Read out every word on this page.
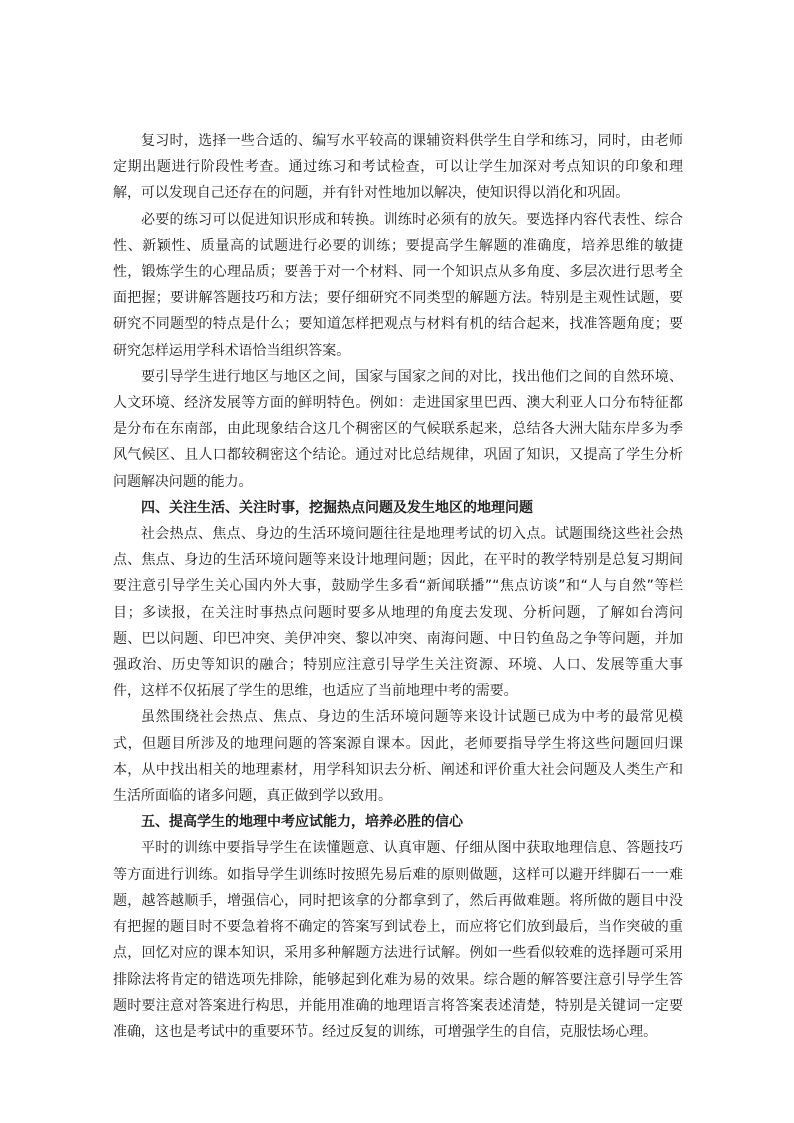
复习时，选择一些合适的、编写水平较高的课辅资料供学生自学和练习，同时，由老师定期出题进行阶段性考查。通过练习和考试检查，可以让学生加深对考点知识的印象和理解，可以发现自己还存在的问题，并有针对性地加以解决，使知识得以消化和巩固。

必要的练习可以促进知识形成和转换。训练时必须有的放矢。要选择内容代表性、综合性、新颖性、质量高的试题进行必要的训练；要提高学生解题的准确度，培养思维的敏捷性，锻炼学生的心理品质；要善于对一个材料、同一个知识点从多角度、多层次进行思考全面把握；要讲解答题技巧和方法；要仔细研究不同类型的解题方法。特别是主观性试题，要研究不同题型的特点是什么；要知道怎样把观点与材料有机的结合起来，找准答题角度；要研究怎样运用学科术语恰当组织答案。

要引导学生进行地区与地区之间，国家与国家之间的对比，找出他们之间的自然环境、人文环境、经济发展等方面的鲜明特色。例如：走进国家里巴西、澳大利亚人口分布特征都是分布在东南部，由此现象结合这几个稠密区的气候联系起来，总结各大洲大陆东岸多为季风气候区、且人口都较稠密这个结论。通过对比总结规律，巩固了知识，又提高了学生分析问题解决问题的能力。

四、关注生活、关注时事，挖掘热点问题及发生地区的地理问题

社会热点、焦点、身边的生活环境问题往往是地理考试的切入点。试题围绕这些社会热点、焦点、身边的生活环境问题等来设计地理问题；因此，在平时的教学特别是总复习期间要注意引导学生关心国内外大事，鼓励学生多看“新闻联播”“焦点访谈”和“人与自然”等栏目；多读报，在关注时事热点问题时要多从地理的角度去发现、分析问题，了解如台湾问题、巴以问题、印巴冲突、美伊冲突、黎以冲突、南海问题、中日钓鱼岛之争等问题，并加强政治、历史等知识的融合；特别应注意引导学生关注资源、环境、人口、发展等重大事件，这样不仅拓展了学生的思维，也适应了当前地理中考的需要。

虽然围绕社会热点、焦点、身边的生活环境问题等来设计试题已成为中考的最常见模式，但题目所涉及的地理问题的答案源自课本。因此，老师要指导学生将这些问题回归课本，从中找出相关的地理素材，用学科知识去分析、阐述和评价重大社会问题及人类生产和生活所面临的诸多问题，真正做到学以致用。

五、提高学生的地理中考应试能力，培养必胜的信心

平时的训练中要指导学生在读懂题意、认真审题、仔细从图中获取地理信息、答题技巧等方面进行训练。如指导学生训练时按照先易后难的原则做题，这样可以避开绊脚石一一难题，越答越顺手，增强信心，同时把该拿的分都拿到了，然后再做难题。将所做的题目中没有把握的题目时不要急着将不确定的答案写到试卷上，而应将它们放到最后，当作突破的重点，回忆对应的课本知识，采用多种解题方法进行试解。例如一些看似较难的选择题可采用排除法将肯定的错选项先排除，能够起到化难为易的效果。综合题的解答要注意引导学生答题时要注意对答案进行构思，并能用准确的地理语言将答案表述清楚，特别是关键词一定要准确，这也是考试中的重要环节。经过反复的训练，可增强学生的自信，克服怯场心理。
